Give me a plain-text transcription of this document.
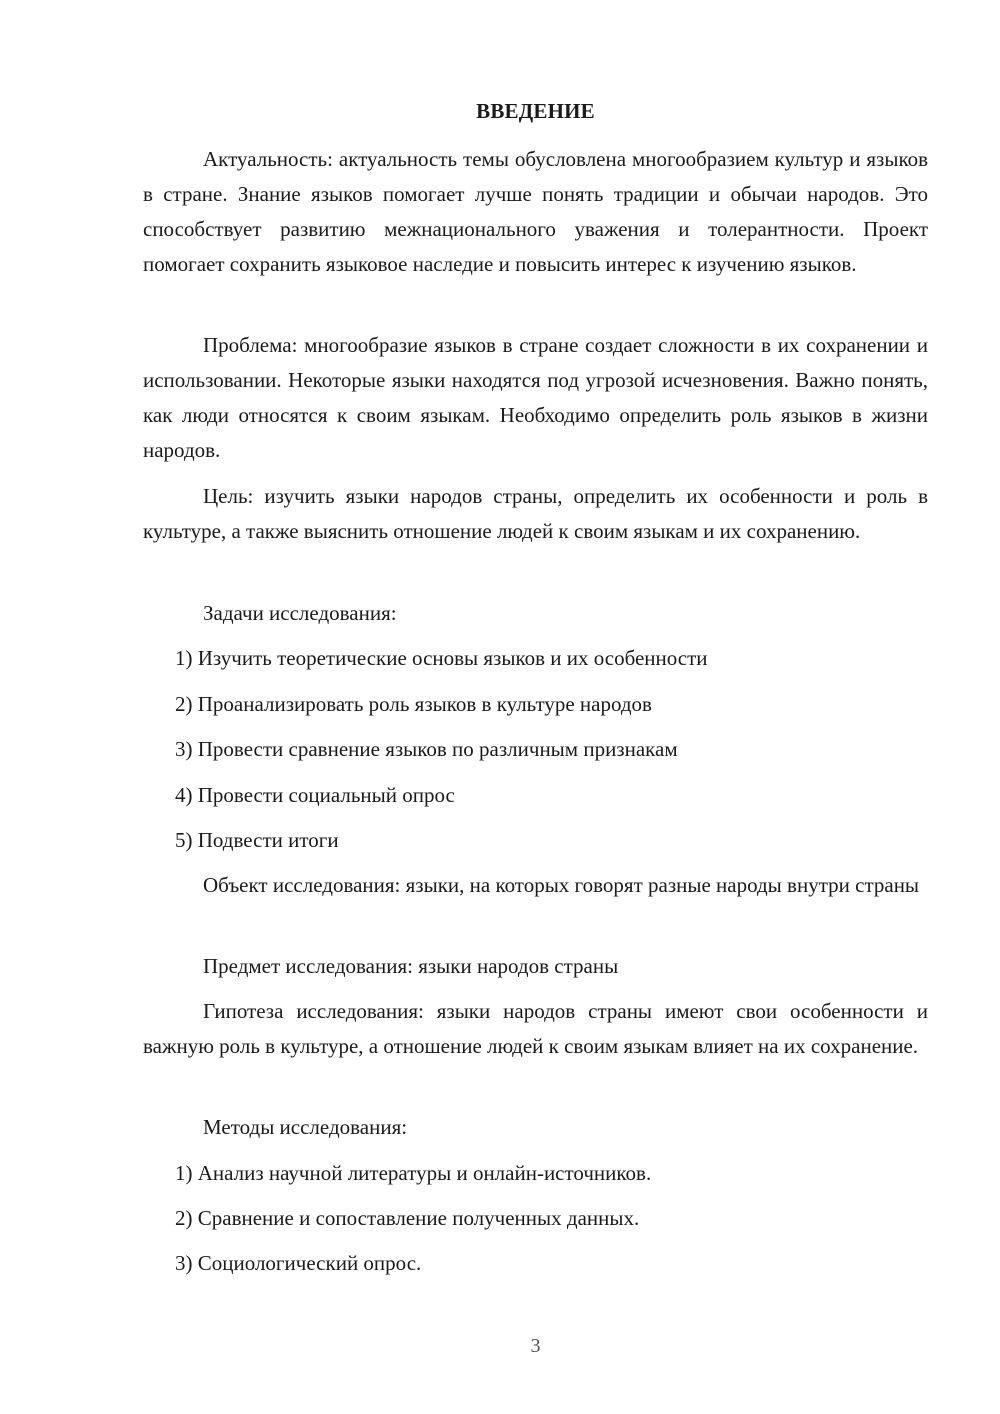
ВВЕДЕНИЕ

Актуальность: актуальность темы обусловлена многообразием культур и языков в стране. Знание языков помогает лучше понять традиции и обычаи народов. Это способствует развитию межнационального уважения и толерантности. Проект помогает сохранить языковое наследие и повысить интерес к изучению языков.

Проблема: многообразие языков в стране создает сложности в их сохранении и использовании. Некоторые языки находятся под угрозой исчезновения. Важно понять, как люди относятся к своим языкам. Необходимо определить роль языков в жизни народов.

Цель: изучить языки народов страны, определить их особенности и роль в культуре, а также выяснить отношение людей к своим языкам и их сохранению.

Задачи исследования:

1) Изучить теоретические основы языков и их особенности

2) Проанализировать роль языков в культуре народов

3) Провести сравнение языков по различным признакам

4) Провести социальный опрос

5) Подвести итоги

Объект исследования: языки, на которых говорят разные народы внутри страны

Предмет исследования: языки народов страны

Гипотеза исследования: языки народов страны имеют свои особенности и важную роль в культуре, а отношение людей к своим языкам влияет на их сохранение.

Методы исследования:

1) Анализ научной литературы и онлайн-источников.

2) Сравнение и сопоставление полученных данных.

3) Социологический опрос.

3
